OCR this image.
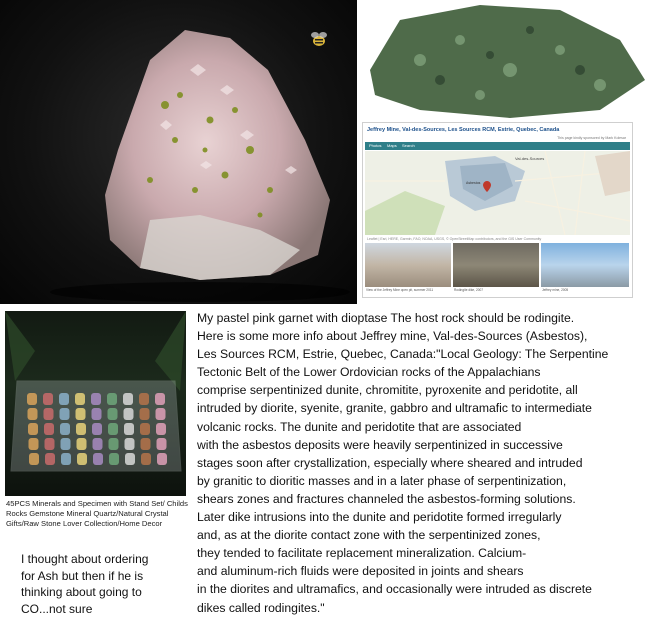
Jeffrey Mine, Val-des-Sources, Les Sources RCM, Estrie, Quebec, Canada
This page kindly sponsored by Mark Kolesar
Photos Maps Search
Val-des-Sources
Asbestos
Leaflet | Esri, HERE, Garmin, FAO, NOAA, USGS, © OpenStreetMap contributors, and the GIS User Community
View of the Jeffrey Mine open pit, summer 2011	Rodingite dike, 2007	Jeffrey mine, 2005
45PCS Minerals and Specimen with Stand Set/ Childs Rocks Gemstone Mineral Quartz/Natural Crystal Gifts/Raw Stone Lover Collection/Home Decor
I thought about ordering
for Ash but then if he is
thinking about going to
CO...not sure
My pastel pink garnet with dioptase The host rock should be rodingite.
Here is some more info about Jeffrey mine, Val-des-Sources (Asbestos),
Les Sources RCM, Estrie, Quebec, Canada:"Local Geology: The Serpentine
Tectonic Belt of the Lower Ordovician rocks of the Appalachians
comprise serpentinized dunite, chromitite, pyroxenite and peridotite, all
intruded by diorite, syenite, granite, gabbro and ultramafic to intermediate
volcanic rocks. The dunite and peridotite that are associated
with the asbestos deposits were heavily serpentinized in successive
stages soon after crystallization, especially where sheared and intruded
by granitic to dioritic masses and in a later phase of serpentinization,
shears zones and fractures channeled the asbestos-forming solutions.
Later dike intrusions into the dunite and peridotite formed irregularly
and, as at the diorite contact zone with the serpentinized zones,
they tended to facilitate replacement mineralization. Calcium-
and aluminum-rich fluids were deposited in joints and shears
in the diorites and ultramafics, and occasionally were intruded as discrete
dikes called rodingites."
